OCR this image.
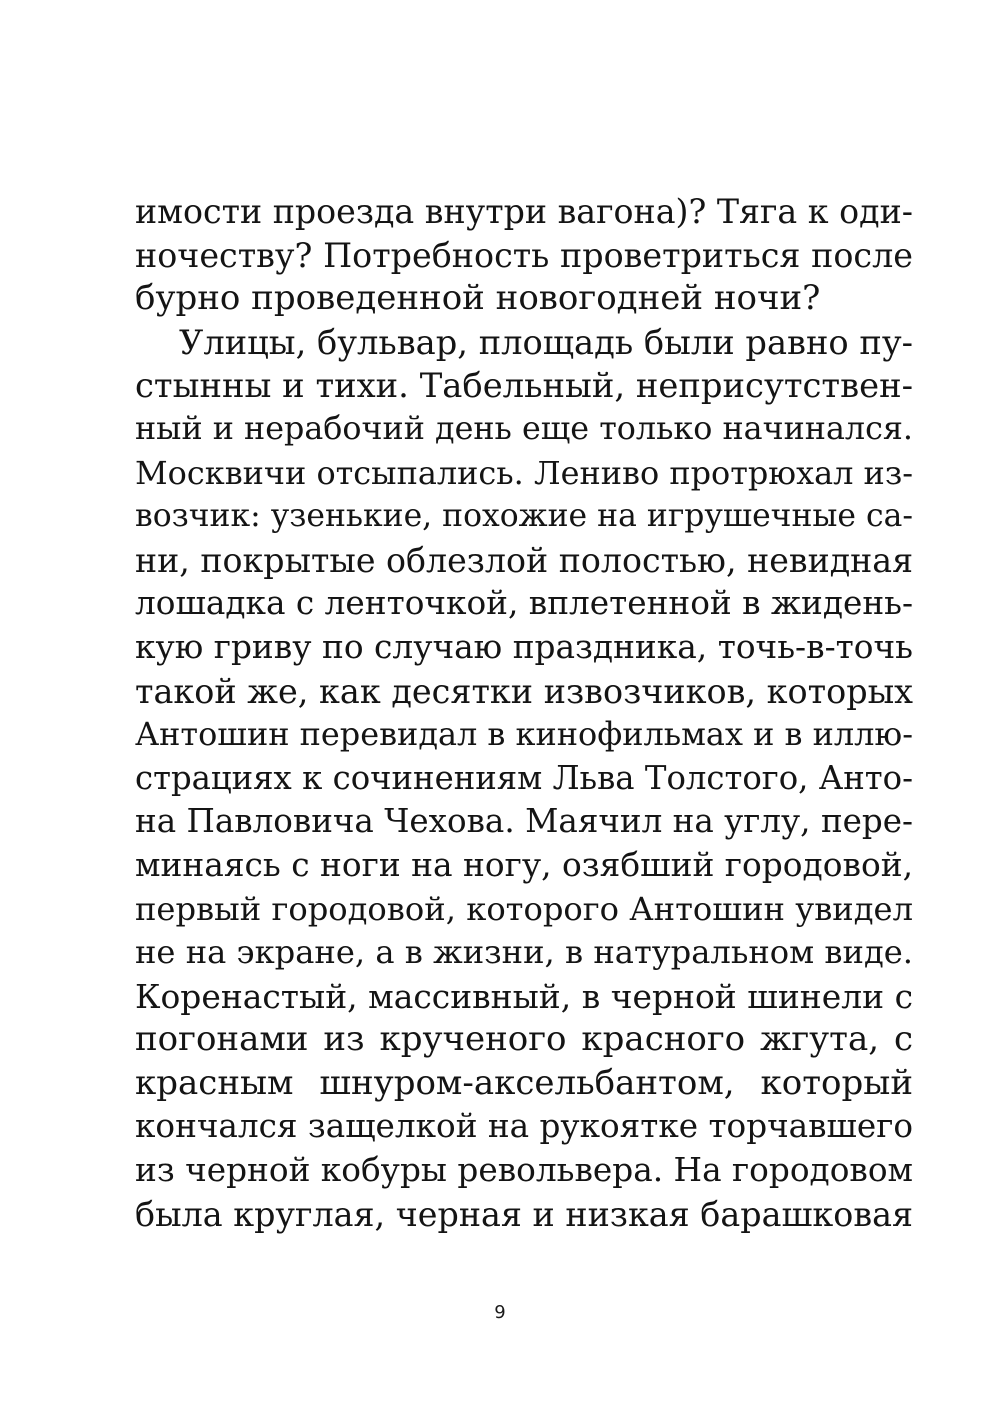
имости проезда внутри вагона)? Тяга к оди-
ночеству? Потребность проветриться после
бурно проведенной новогодней ночи?
Улицы, бульвар, площадь были равно пу-
стынны и тихи. Табельный, неприсутствен-
ный и нерабочий день еще только начинался.
Москвичи отсыпались. Лениво протрюхал из-
возчик: узенькие, похожие на игрушечные са-
ни, покрытые облезлой полостью, невидная
лошадка с ленточкой, вплетенной в жидень-
кую гриву по случаю праздника, точь-в-точь
такой же, как десятки извозчиков, которых
Антошин перевидал в кинофильмах и в иллю-
страциях к сочинениям Льва Толстого, Анто-
на Павловича Чехова. Маячил на углу, пере-
минаясь с ноги на ногу, озябший городовой,
первый городовой, которого Антошин увидел
не на экране, а в жизни, в натуральном виде.
Коренастый, массивный, в черной шинели с
погонами из крученого красного жгута, с
красным шнуром-аксельбантом, который
кончался защелкой на рукоятке торчавшего
из черной кобуры револьвера. На городовом
была круглая, черная и низкая барашковая
9
